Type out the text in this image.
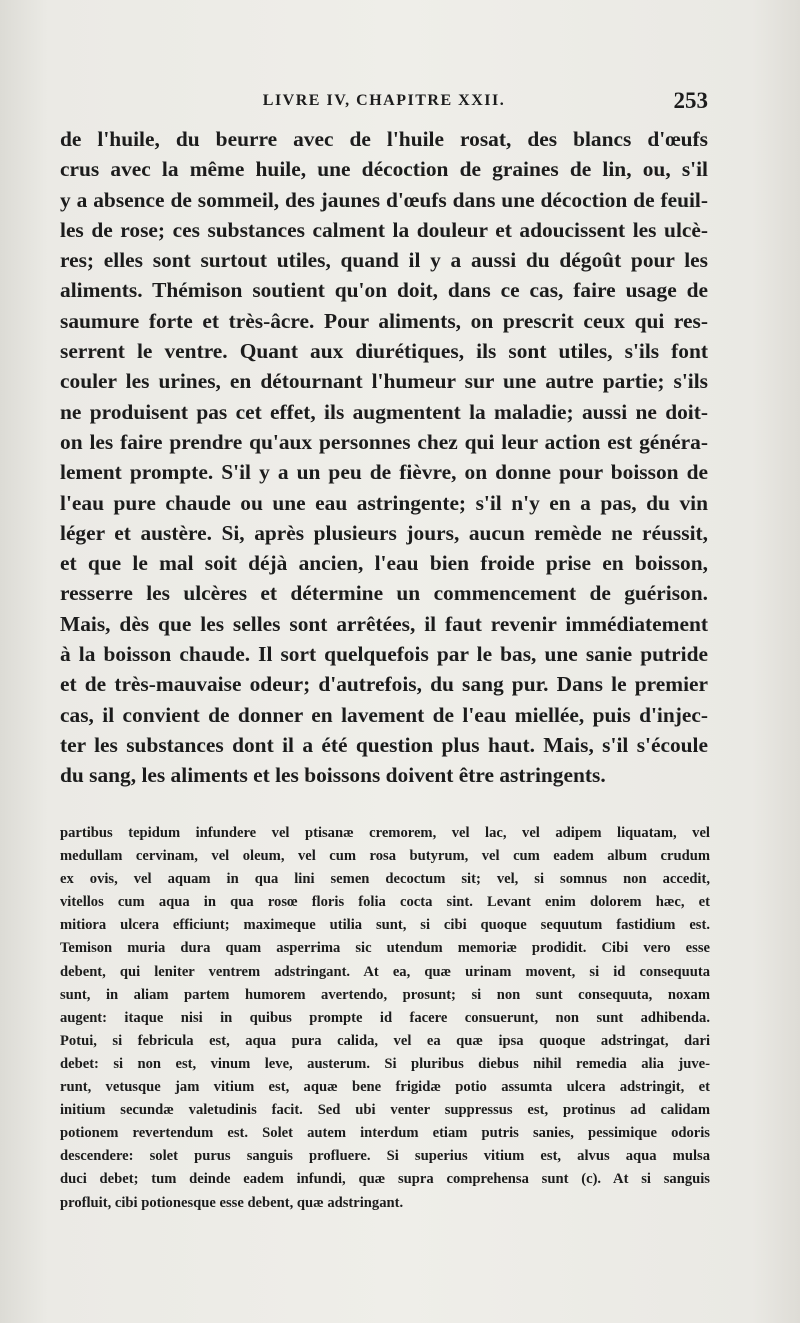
LIVRE IV, CHAPITRE XXII.	253
de l'huile, du beurre avec de l'huile rosat, des blancs d'œufs
crus avec la même huile, une décoction de graines de lin, ou, s'il
y a absence de sommeil, des jaunes d'œufs dans une décoction de feuil-
les de rose; ces substances calment la douleur et adoucissent les ulcè-
res; elles sont surtout utiles, quand il y a aussi du dégoût pour les
aliments. Thémison soutient qu'on doit, dans ce cas, faire usage de
saumure forte et très-âcre. Pour aliments, on prescrit ceux qui res-
serrent le ventre. Quant aux diurétiques, ils sont utiles, s'ils font
couler les urines, en détournant l'humeur sur une autre partie; s'ils
ne produisent pas cet effet, ils augmentent la maladie; aussi ne doit-
on les faire prendre qu'aux personnes chez qui leur action est généra-
lement prompte. S'il y a un peu de fièvre, on donne pour boisson de
l'eau pure chaude ou une eau astringente; s'il n'y en a pas, du vin
léger et austère. Si, après plusieurs jours, aucun remède ne réussit,
et que le mal soit déjà ancien, l'eau bien froide prise en boisson,
resserre les ulcères et détermine un commencement de guérison.
Mais, dès que les selles sont arrêtées, il faut revenir immédiatement
à la boisson chaude. Il sort quelquefois par le bas, une sanie putride
et de très-mauvaise odeur; d'autrefois, du sang pur. Dans le premier
cas, il convient de donner en lavement de l'eau miellée, puis d'injec-
ter les substances dont il a été question plus haut. Mais, s'il s'écoule
du sang, les aliments et les boissons doivent être astringents.
partibus tepidum infundere vel ptisanæ cremorem, vel lac, vel adipem liquatam, vel
medullam cervinam, vel oleum, vel cum rosa butyrum, vel cum eadem album crudum
ex ovis, vel aquam in qua lini semen decoctum sit; vel, si somnus non accedit,
vitellos cum aqua in qua rosœ floris folia cocta sint. Levant enim dolorem hæc, et
mitiora ulcera efficiunt; maximeque utilia sunt, si cibi quoque sequutum fastidium est.
Temison muria dura quam asperrima sic utendum memoriæ prodidit. Cibi vero esse
debent, qui leniter ventrem adstringant. At ea, quæ urinam movent, si id consequuta
sunt, in aliam partem humorem avertendo, prosunt; si non sunt consequuta, noxam
augent: itaque nisi in quibus prompte id facere consuerunt, non sunt adhibenda.
Potui, si febricula est, aqua pura calida, vel ea quæ ipsa quoque adstringat, dari
debet: si non est, vinum leve, austerum. Si pluribus diebus nihil remedia alia juve-
runt, vetusque jam vitium est, aquæ bene frigidæ potio assumta ulcera adstringit, et
initium secundæ valetudinis facit. Sed ubi venter suppressus est, protinus ad calidam
potionem revertendum est. Solet autem interdum etiam putris sanies, pessimique odoris
descendere: solet purus sanguis profluere. Si superius vitium est, alvus aqua mulsa
duci debet; tum deinde eadem infundi, quæ supra comprehensa sunt (c). At si sanguis
profluit, cibi potionesque esse debent, quæ adstringant.
